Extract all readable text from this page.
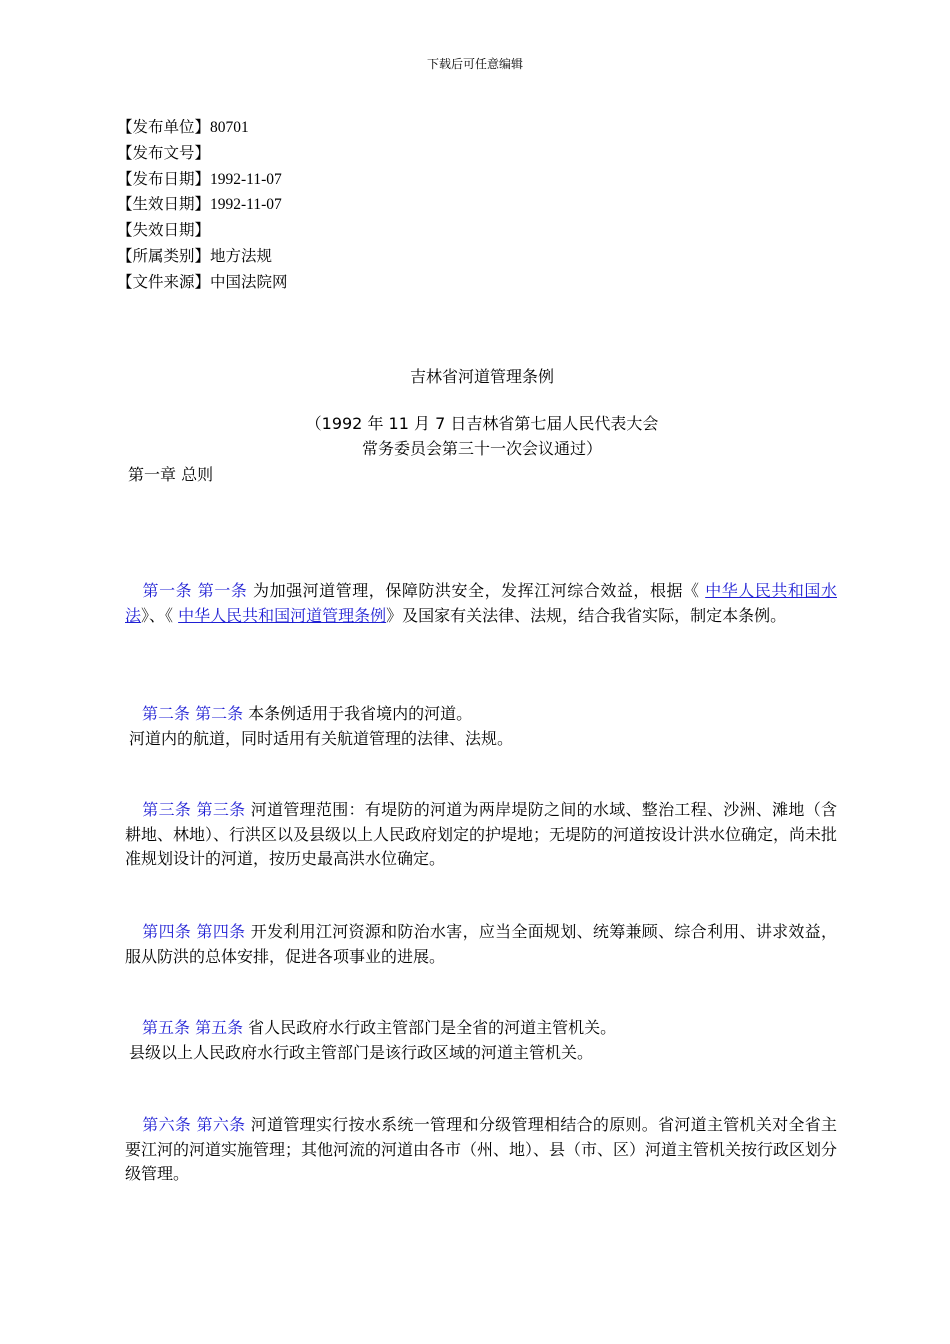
下载后可任意编辑
【发布单位】80701
【发布文号】
【发布日期】1992-11-07
【生效日期】1992-11-07
【失效日期】
【所属类别】地方法规
【文件来源】中国法院网
吉林省河道管理条例
（1992 年 11 月 7 日吉林省第七届人民代表大会
常务委员会第三十一次会议通过）
第一章 总则

第一条 第一条 为加强河道管理，保障防洪安全，发挥江河综合效益，根据《 中华人民共和国水法》、《 中华人民共和国河道管理条例》及国家有关法律、法规，结合我省实际，制定本条例。

第二条 第二条 本条例适用于我省境内的河道。

河道内的航道，同时适用有关航道管理的法律、法规。

第三条 第三条 河道管理范围：有堤防的河道为两岸堤防之间的水域、整治工程、沙洲、滩地（含耕地、林地）、行洪区以及县级以上人民政府划定的护堤地；无堤防的河道按设计洪水位确定，尚未批准规划设计的河道，按历史最高洪水位确定。

第四条 第四条 开发利用江河资源和防治水害，应当全面规划、统筹兼顾、综合利用、讲求效益，服从防洪的总体安排，促进各项事业的进展。

第五条 第五条 省人民政府水行政主管部门是全省的河道主管机关。

县级以上人民政府水行政主管部门是该行政区域的河道主管机关。

第六条 第六条 河道管理实行按水系统一管理和分级管理相结合的原则。省河道主管机关对全省主要江河的河道实施管理；其他河流的河道由各市（州、地）、县（市、区）河道主管机关按行政区划分级管理。
